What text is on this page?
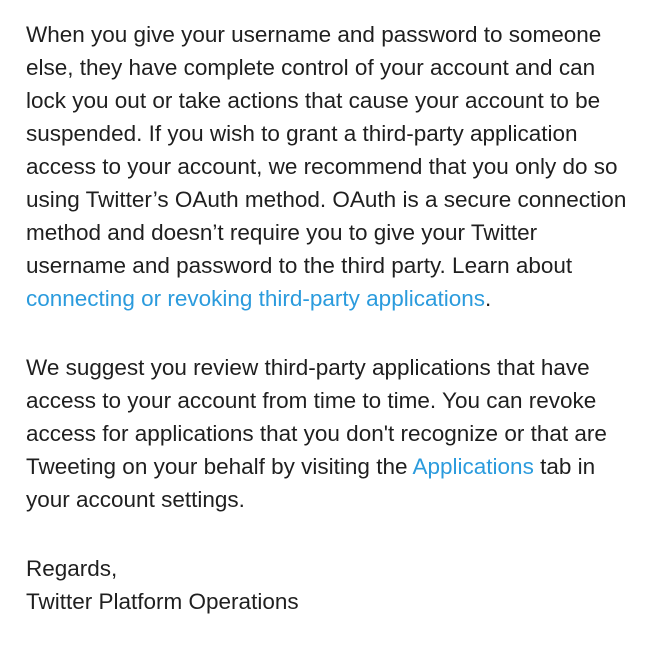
When you give your username and password to someone else, they have complete control of your account and can lock you out or take actions that cause your account to be suspended. If you wish to grant a third-party application access to your account, we recommend that you only do so using Twitter’s OAuth method. OAuth is a secure connection method and doesn’t require you to give your Twitter username and password to the third party. Learn about connecting or revoking third-party applications.

We suggest you review third-party applications that have access to your account from time to time. You can revoke access for applications that you don't recognize or that are Tweeting on your behalf by visiting the Applications tab in your account settings.

Regards,
Twitter Platform Operations
